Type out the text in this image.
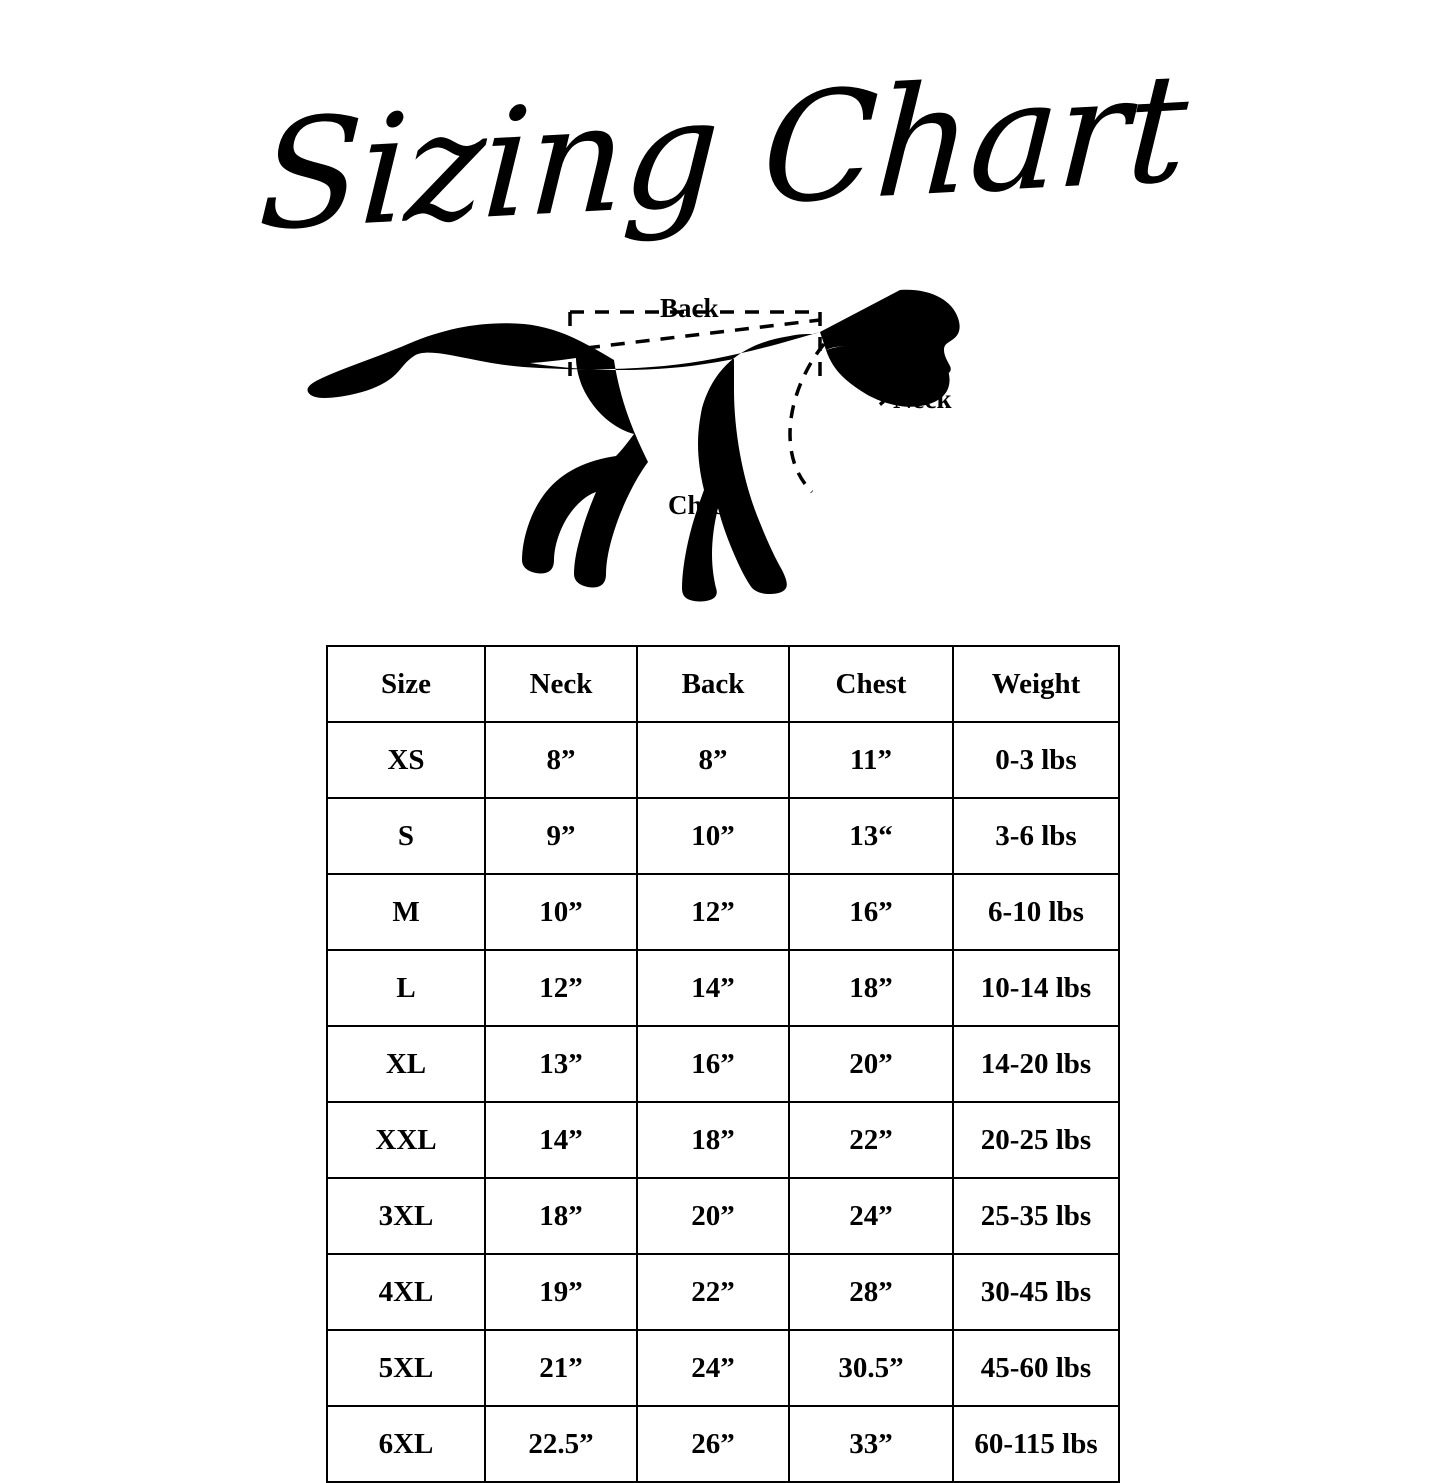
Sizing Chart
Back
Neck
Chest
Size	Neck	Back	Chest	Weight
XS	8”	8”	11”	0-3 lbs
S	9”	10”	13“	3-6 lbs
M	10”	12”	16”	6-10 lbs
L	12”	14”	18”	10-14 lbs
XL	13”	16”	20”	14-20 lbs
XXL	14”	18”	22”	20-25 lbs
3XL	18”	20”	24”	25-35 lbs
4XL	19”	22”	28”	30-45 lbs
5XL	21”	24”	30.5”	45-60 lbs
6XL	22.5”	26”	33”	60-115 lbs
